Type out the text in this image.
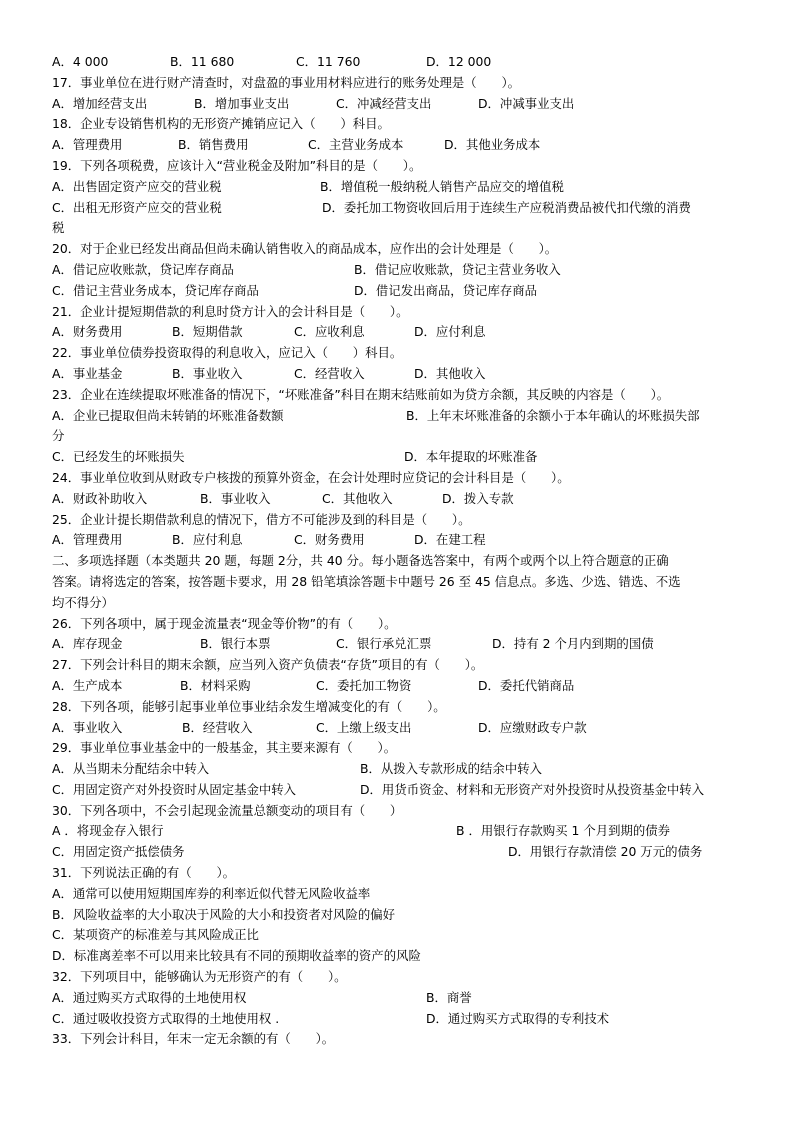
A．4 000	B．11 680	C．11 760	D．12 000
17．事业单位在进行财产清查时，对盘盈的事业用材料应进行的账务处理是（　　）。
A．增加经营支出	B．增加事业支出	C．冲减经营支出	D．冲减事业支出
18．企业专设销售机构的无形资产摊销应记入（　　）科目。
A．管理费用	B．销售费用	C．主营业务成本	D．其他业务成本
19．下列各项税费，应该计入“营业税金及附加”科目的是（　　）。
A．出售固定资产应交的营业税	B．增值税一般纳税人销售产品应交的增值税
C．出租无形资产应交的营业税	D．委托加工物资收回后用于连续生产应税消费品被代扣代缴的消费
税
20．对于企业已经发出商品但尚未确认销售收入的商品成本，应作出的会计处理是（　　）。
A．借记应收账款，贷记库存商品	B．借记应收账款，贷记主营业务收入
C．借记主营业务成本，贷记库存商品	D．借记发出商品，贷记库存商品
21．企业计提短期借款的利息时贷方计入的会计科目是（　　）。
A．财务费用	B．短期借款	C．应收利息	D．应付利息
22．事业单位债券投资取得的利息收入，应记入（　　）科目。
A．事业基金	B．事业收入	C．经营收入	D．其他收入
23．企业在连续提取坏账准备的情况下，“坏账准备”科目在期末结账前如为贷方余额，其反映的内容是（　　）。
A．企业已提取但尚未转销的坏账准备数额	B．上年末坏账准备的余额小于本年确认的坏账损失部
分
C．已经发生的坏账损失	D．本年提取的坏账准备
24．事业单位收到从财政专户核拨的预算外资金，在会计处理时应贷记的会计科目是（　　）。
A．财政补助收入	B．事业收入	C．其他收入	D．拨入专款
25．企业计提长期借款利息的情况下，借方不可能涉及到的科目是（　　）。
A．管理费用	B．应付利息	C．财务费用	D．在建工程
二、多项选择题（本类题共 20 题，每题 2分，共 40 分。每小题备选答案中，有两个或两个以上符合题意的正确
答案。请将选定的答案，按答题卡要求，用 28 铅笔填涂答题卡中题号 26 至 45 信息点。多选、少选、错选、不选
均不得分）
26．下列各项中，属于现金流量表“现金等价物”的有（　　）。
A．库存现金	B．银行本票	C．银行承兑汇票	D．持有 2 个月内到期的国债
27．下列会计科目的期末余额，应当列入资产负债表“存货”项目的有（　　）。
A．生产成本	B．材料采购	C．委托加工物资	D．委托代销商品
28．下列各项，能够引起事业单位事业结余发生增减变化的有（　　）。
A．事业收入	B．经营收入	C．上缴上级支出	D．应缴财政专户款
29．事业单位事业基金中的一般基金，其主要来源有（　　）。
A．从当期未分配结余中转入	B．从拨入专款形成的结余中转入
C．用固定资产对外投资时从固定基金中转入	D．用货币资金、材料和无形资产对外投资时从投资基金中转入
30．下列各项中，不会引起现金流量总额变动的项目有（　　）
A ．将现金存入银行	B ．用银行存款购买 1 个月到期的债券
C．用固定资产抵偿债务	D．用银行存款清偿 20 万元的债务
31．下列说法正确的有（　　）。
A．通常可以使用短期国库券的利率近似代替无风险收益率
B．风险收益率的大小取决于风险的大小和投资者对风险的偏好
C．某项资产的标准差与其风险成正比
D．标准离差率不可以用来比较具有不同的预期收益率的资产的风险
32．下列项目中，能够确认为无形资产的有（　　）。
A．通过购买方式取得的土地使用权	B．商誉
C．通过吸收投资方式取得的土地使用权 .	D．通过购买方式取得的专利技术
33．下列会计科目，年末一定无余额的有（　　）。
